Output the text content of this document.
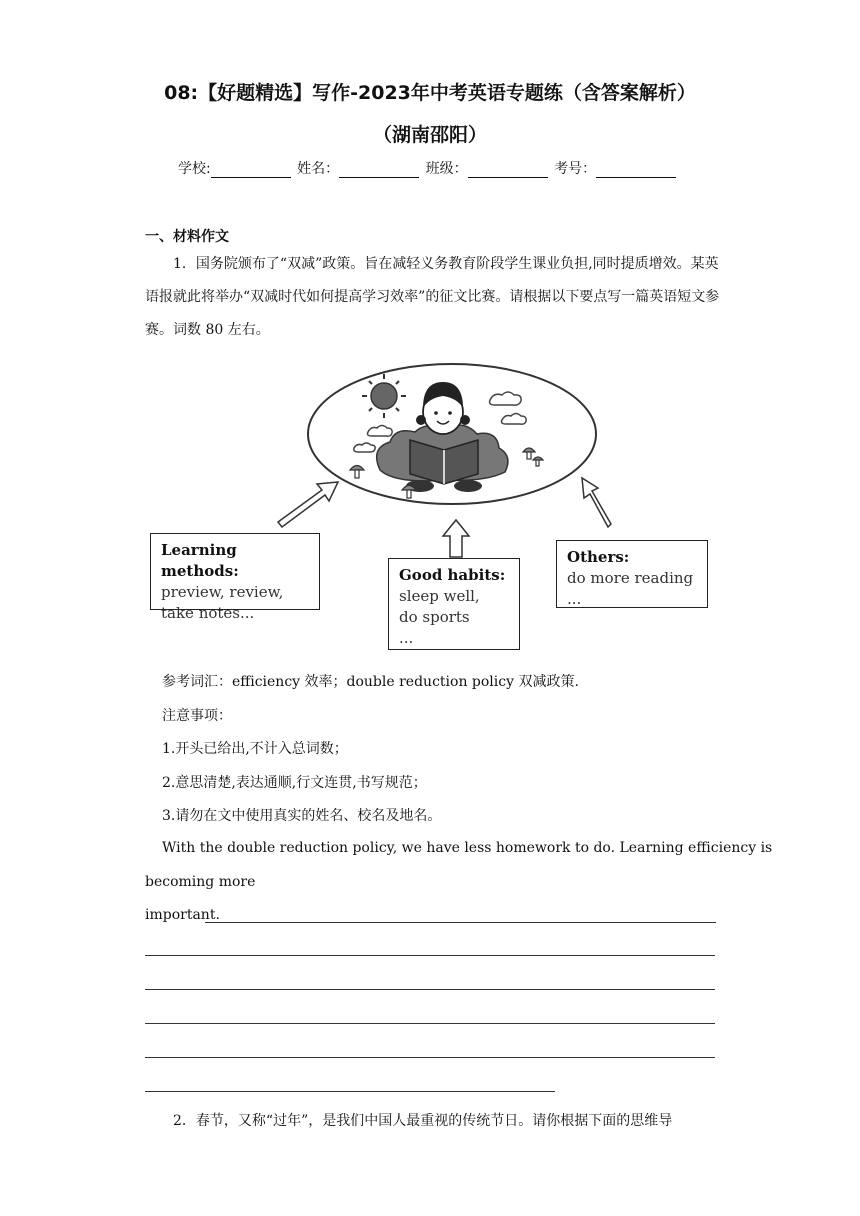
08:【好题精选】写作-2023年中考英语专题练（含答案解析）
（湖南邵阳）
学校:	姓名：	班级：	考号：
一、材料作文
1．国务院颁布了“双减”政策。旨在减轻义务教育阶段学生课业负担,同时提质增效。某英语报就此将举办“双减时代如何提高学习效率”的征文比赛。请根据以下要点写一篇英语短文参赛。词数 80 左右。
Learning methods:
preview, review,
take notes...
Good habits:
sleep well,
do sports
...
Others:
do more reading
...
参考词汇：efficiency 效率；double reduction policy 双减政策.
注意事项：
1.开头已给出,不计入总词数；
2.意思清楚,表达通顺,行文连贯,书写规范；
3.请勿在文中使用真实的姓名、校名及地名。
With the double reduction policy, we have less homework to do. Learning efficiency is
becoming more
important.
2．春节，又称“过年”，是我们中国人最重视的传统节日。请你根据下面的思维导
